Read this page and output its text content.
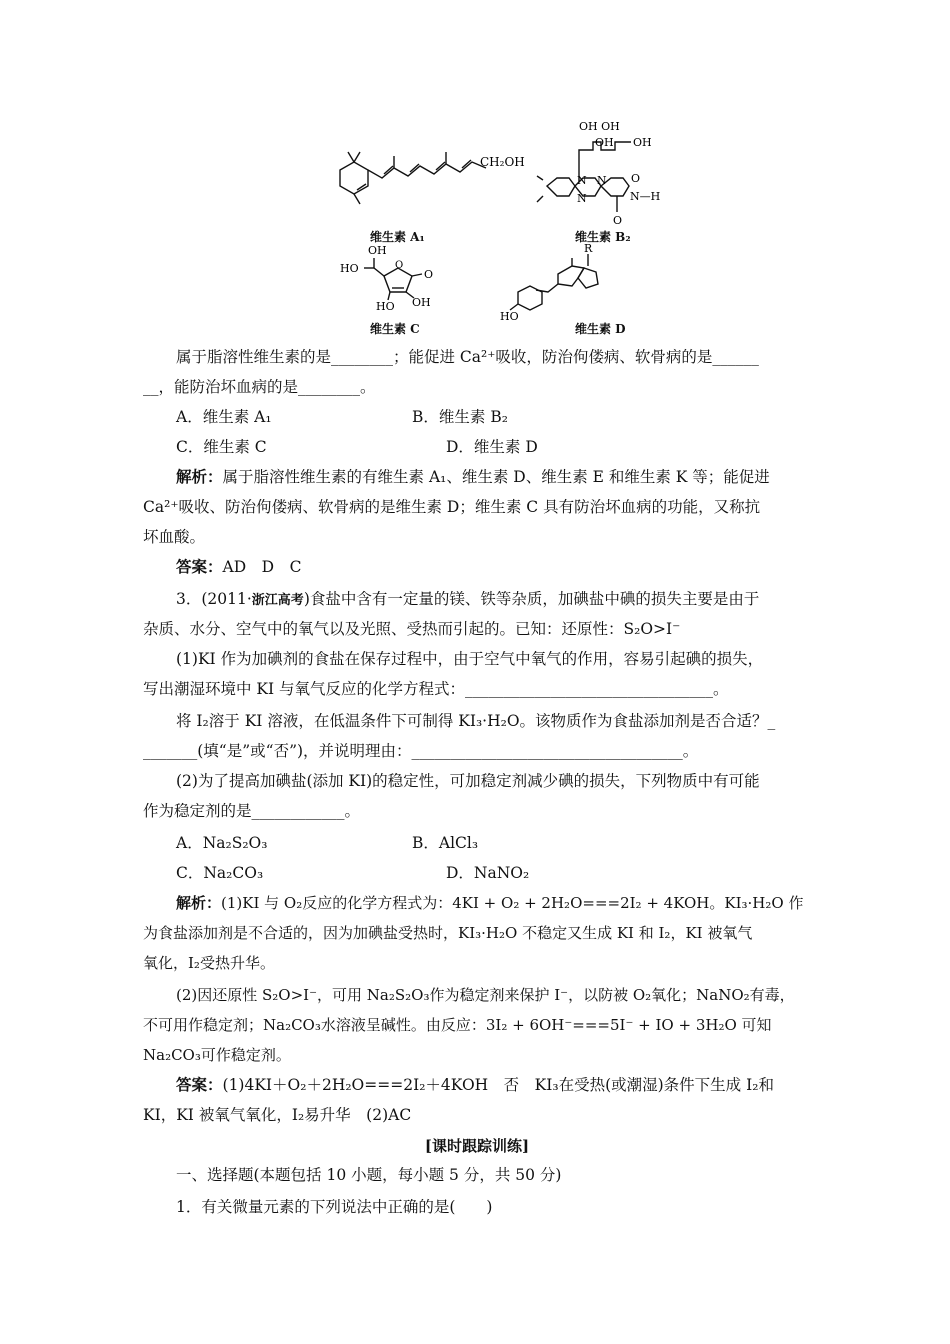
CH₂OH
维生素 A₁
OH OH
OH OH
N N
N	N—H
O
O
维生素 B₂
OH
HO	O
O
HO OH
维生素 C
R
HO
维生素 D
属于脂溶性维生素的是________；能促进 Ca²⁺吸收，防治佝偻病、软骨病的是______
__，能防治坏血病的是________。
A．维生素 A₁	B．维生素 B₂
C．维生素 C	D．维生素 D
解析：属于脂溶性维生素的有维生素 A₁、维生素 D、维生素 E 和维生素 K 等；能促进
Ca²⁺吸收、防治佝偻病、软骨病的是维生素 D；维生素 C 具有防治坏血病的功能，又称抗
坏血酸。
答案：AD　D　C
3．(2011·浙江高考)食盐中含有一定量的镁、铁等杂质，加碘盐中碘的损失主要是由于
杂质、水分、空气中的氧气以及光照、受热而引起的。已知：还原性：S₂O>I⁻
(1)KI 作为加碘剂的食盐在保存过程中，由于空气中氧气的作用，容易引起碘的损失，
写出潮湿环境中 KI 与氧气反应的化学方程式：________________________________。
将 I₂溶于 KI 溶液，在低温条件下可制得 KI₃·H₂O。该物质作为食盐添加剂是否合适？_
_______(填“是”或“否”)，并说明理由：___________________________________。
(2)为了提高加碘盐(添加 KI)的稳定性，可加稳定剂减少碘的损失，下列物质中有可能
作为稳定剂的是____________。
A．Na₂S₂O₃	B．AlCl₃
C．Na₂CO₃	D．NaNO₂
解析：(1)KI 与 O₂反应的化学方程式为：4KI + O₂ + 2H₂O===2I₂ + 4KOH。KI₃·H₂O 作
为食盐添加剂是不合适的，因为加碘盐受热时，KI₃·H₂O 不稳定又生成 KI 和 I₂，KI 被氧气
氧化，I₂受热升华。
(2)因还原性 S₂O>I⁻，可用 Na₂S₂O₃作为稳定剂来保护 I⁻，以防被 O₂氧化；NaNO₂有毒，
不可用作稳定剂；Na₂CO₃水溶液呈碱性。由反应：3I₂ + 6OH⁻===5I⁻ + IO + 3H₂O 可知
Na₂CO₃可作稳定剂。
答案：(1)4KI＋O₂＋2H₂O===2I₂＋4KOH　否　KI₃在受热(或潮湿)条件下生成 I₂和
KI，KI 被氧气氧化，I₂易升华　(2)AC
[课时跟踪训练]
一、选择题(本题包括 10 小题，每小题 5 分，共 50 分)
1．有关微量元素的下列说法中正确的是(　　)
